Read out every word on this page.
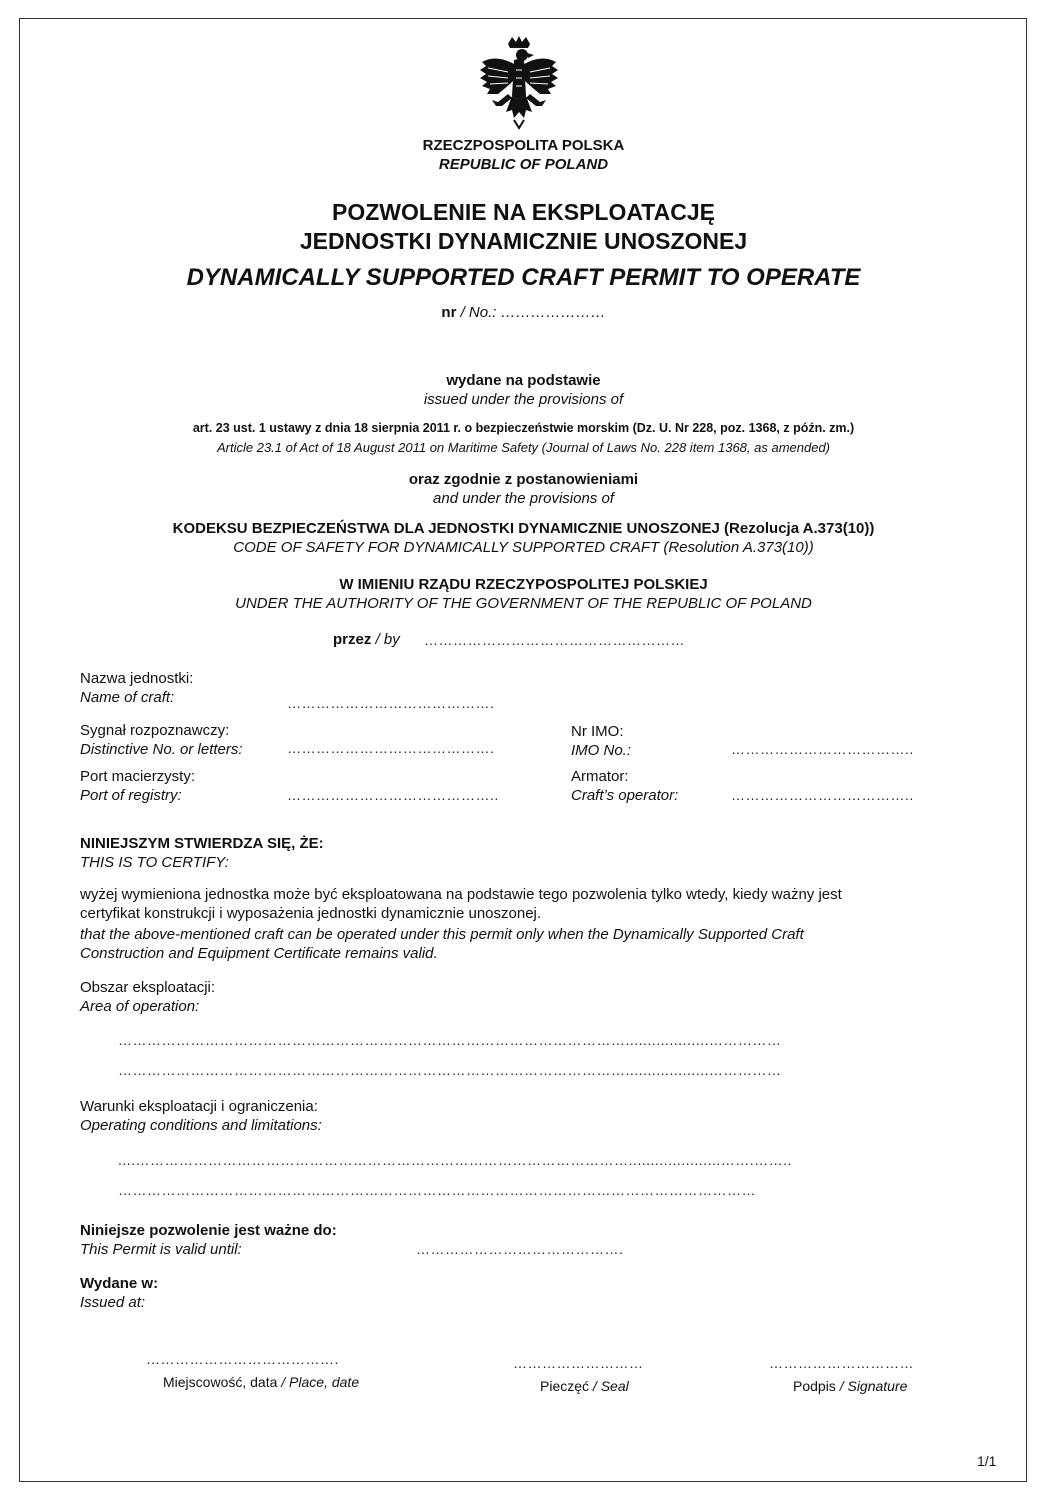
RZECZPOSPOLITA POLSKA
REPUBLIC OF POLAND
POZWOLENIE NA EKSPLOATACJĘ
JEDNOSTKI DYNAMICZNIE UNOSZONEJ
DYNAMICALLY SUPPORTED CRAFT PERMIT TO OPERATE
nr / No.: …………………
wydane na podstawie
issued under the provisions of
art. 23 ust. 1 ustawy z dnia 18 sierpnia 2011 r. o bezpieczeństwie morskim (Dz. U. Nr 228, poz. 1368, z późn. zm.)
Article 23.1 of Act of 18 August 2011 on Maritime Safety (Journal of Laws No. 228 item 1368, as amended)
oraz zgodnie z postanowieniami
and under the provisions of
KODEKSU BEZPIECZEŃSTWA DLA JEDNOSTKI DYNAMICZNIE UNOSZONEJ (Rezolucja A.373(10))
CODE OF SAFETY FOR DYNAMICALLY SUPPORTED CRAFT (Resolution A.373(10))
W IMIENIU RZĄDU RZECZYPOSPOLITEJ POLSKIEJ
UNDER THE AUTHORITY OF THE GOVERNMENT OF THE REPUBLIC OF POLAND
przez / by ………………………………………………
Nazwa jednostki:
Name of craft:	…………………………………….
Sygnał rozpoznawczy:
Distinctive No. or letters:	…………………………………….
Nr IMO:
IMO No.:	………………………………..
Port macierzysty:
Port of registry:	……………………………………..
Armator:
Craft’s operator:	………………………………..
NINIEJSZYM STWIERDZA SIĘ, ŻE:
THIS IS TO CERTIFY:
wyżej wymieniona jednostka może być eksploatowana na podstawie tego pozwolenia tylko wtedy, kiedy ważny jest
certyfikat konstrukcji i wyposażenia jednostki dynamicznie unoszonej.
that the above-mentioned craft can be operated under this permit only when the Dynamically Supported Craft
Construction and Equipment Certificate remains valid.
Obszar eksploatacji:
Area of operation:
……………………………………………………………………………………………...................……………
……………………………………………………………………………………………...................……………
Warunki eksploatacji i ograniczenia:
Operating conditions and limitations:
....………………………………………………………………………………………….....................…….……..
……………………………………………………………………………………………………………………
Niniejsze pozwolenie jest ważne do:
This Permit is valid until:	…………………………………….
Wydane w:
Issued at:
………………………………….
Miejscowość, data / Place, date
………………………
Pieczęć / Seal
…………………………
Podpis / Signature
1/1
